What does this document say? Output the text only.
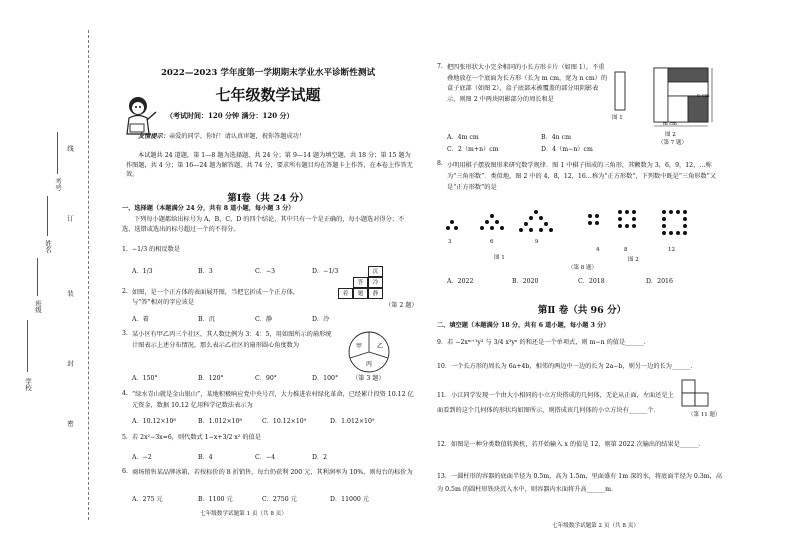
学校
班级
姓名
考号
密
封
装
订
线
2022—2023 学年度第一学期期末学业水平诊断性测试
七年级数学试题
（考试时间：120 分钟 满分：120 分）
友情提示：亲爱的同学，你好！请认真审题，祝你答题成功！
本试题共 24 道题，第 1—8 题为选择题，共 24 分；第 9—14 题为填空题，共 18 分；第 15 题为作图题，共 4 分；第 16—24 题为解答题，共 74 分，要求所有题目均在答题卡上作答，在本卷上作答无效。
第Ⅰ卷（共 24 分）
一、选择题（本题满分 24 分，共有 8 道小题，每小题 3 分）
下列每小题都给出标号为 A，B，C，D 的四个结论，其中只有一个是正确的，每小题选对得分；不选、选错或选出的标号超过一个的不得分。
1. −1/3 的相反数是
A．1/3	B．3	C．−3	D．−1/3
2. 如图，是一个正方体的表面展开图，当把它折成一个正方体，与“答”相对的字应该是
A．着	B．沉	C．静	D．冷
沉
冷
答
静
题
着
（第 2 题）
3. 某小区有甲乙丙三个社区，其人数比例为 3：4：5，用如图所示的扇形统计图表示上述分布情况，那么表示乙社区的扇形圆心角度数为
A．150°	B．120°	C．90°	D．100°
甲 乙
丙
（第 3 题）
4. “绿水青山就是金山银山”，某地积极响应党中央号召，大力推进农村绿化革命，已经累计投资 10.12 亿元资金，数据 10.12 亿用科学记数法表示为
A．10.12×10⁸	B．1.012×10⁸	C．10.12×10⁹	D．1.012×10⁹
5. 若 2x²−3x=6，则代数式 1−x+3/2 x² 的值是
A．−2	B．4	C．−4	D．2
6. 商场销售某品牌冰箱，若按标价的 8 折销售，每台仍获利 200 元，其利润率为 10%，则每台的标价为
A．275 元	B．1100 元	C．2750 元	D．11000 元
七年级数学试题第 1 页（共 8 页）
7. 把四张形状大小完全相同的小长方形卡片（如图 1），不重叠地放在一个底面为长方形（长为 m cm，宽为 n cm）的盒子底部（如图 2），盒子底部未被覆盖的部分用阴影表示，则图 2 中两块阴影部分的周长和是
A．4m cm	B．4n cm
C．2（m+n）cm	D．4（m−n）cm
图 1
n cm
m cm
图 2
（第 7 题）
8. 小明用棋子摆放图形来研究数学规律．图 1 中棋子围成的三角形，其颗数为 3，6，9，12，…称为“三角形数”．类似地，图 2 中的 4，8，12，16…称为“正方形数”，下列数中既是“三角形数”又是“正方形数”的是
3	6	9
4	8	12
图 1	图 2
（第 8 题）
A．2022	B．2020	C．2018	D．2016
第Ⅱ 卷（共 96 分）
二、填空题（本题满分 18 分，共有 6 道小题，每小题 3 分）
9．若 −2xᵐ⁺¹y³ 与 3/4 x³yⁿ 的和还是一个单项式，则 m−n 的值是______．
10．一个长方形的周长为 6a+4b，相邻的两边中一边的长为 2a−b，则另一边的长为______．
11．小江同学发现一个由大小相同的小立方块搭成的几何体，无论从正面，左面还是上面看到的这个几何体的形状均如图所示，则搭成该几何体的小立方块有______个．
（第 11 题）
12．如图是一种分类数值转换机，若开始输入 x 的值是 12，则第 2022 次输出的结果是______．
13．一圆柱形的容器的底面半径为 0.5m，高为 1.5m，里面盛有 1m 深的水，将底面半径为 0.3m，高为 0.5m 的圆柱形铁块沉入水中，则容器内水面将升高______m．
七年级数学试题第 2 页（共 8 页）
